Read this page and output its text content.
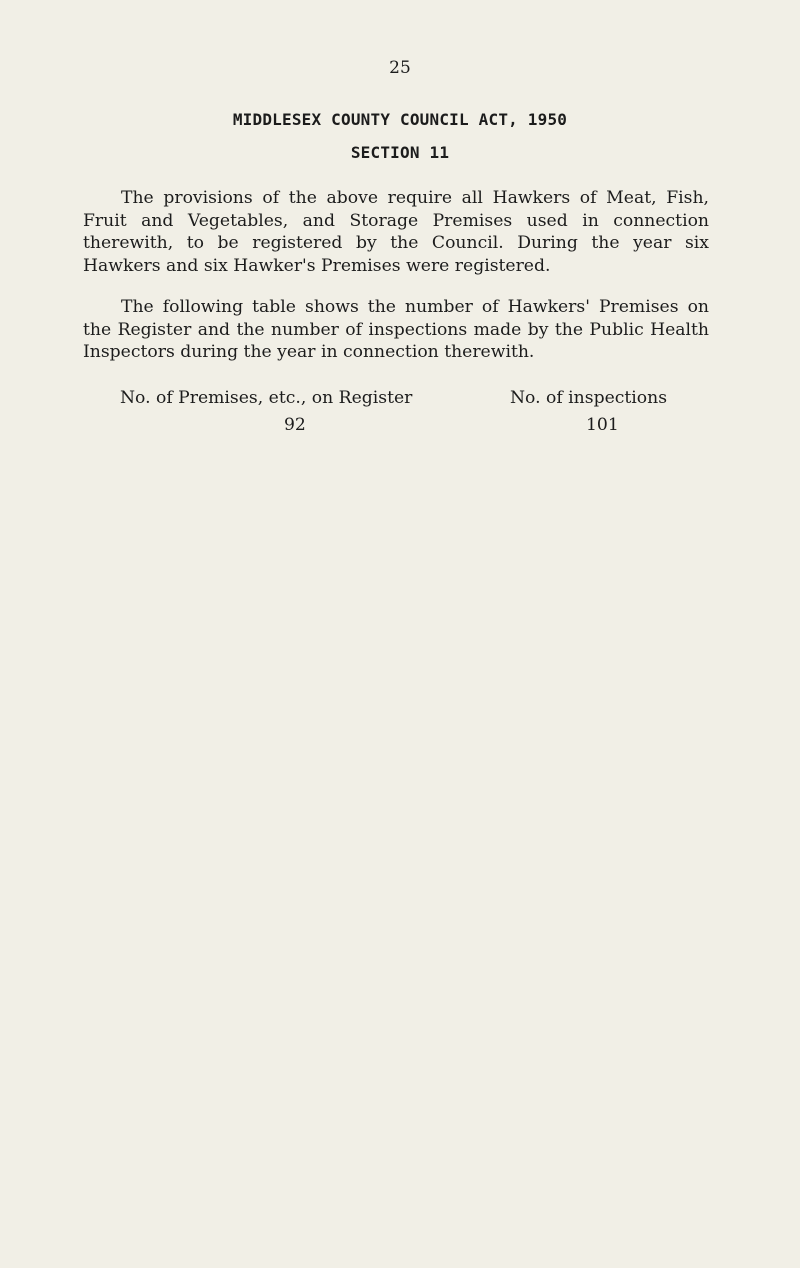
25
MIDDLESEX COUNTY COUNCIL ACT, 1950
SECTION 11

The provisions of the above require all Hawkers of Meat, Fish, Fruit and Vegetables, and Storage Premises used in connection therewith, to be registered by the Council. During the year six Hawkers and six Hawker's Premises were registered.

The following table shows the number of Hawkers' Premises on the Register and the number of inspections made by the Public Health Inspectors during the year in connection therewith.

No. of Premises, etc., on Register	No. of inspections
92	101
